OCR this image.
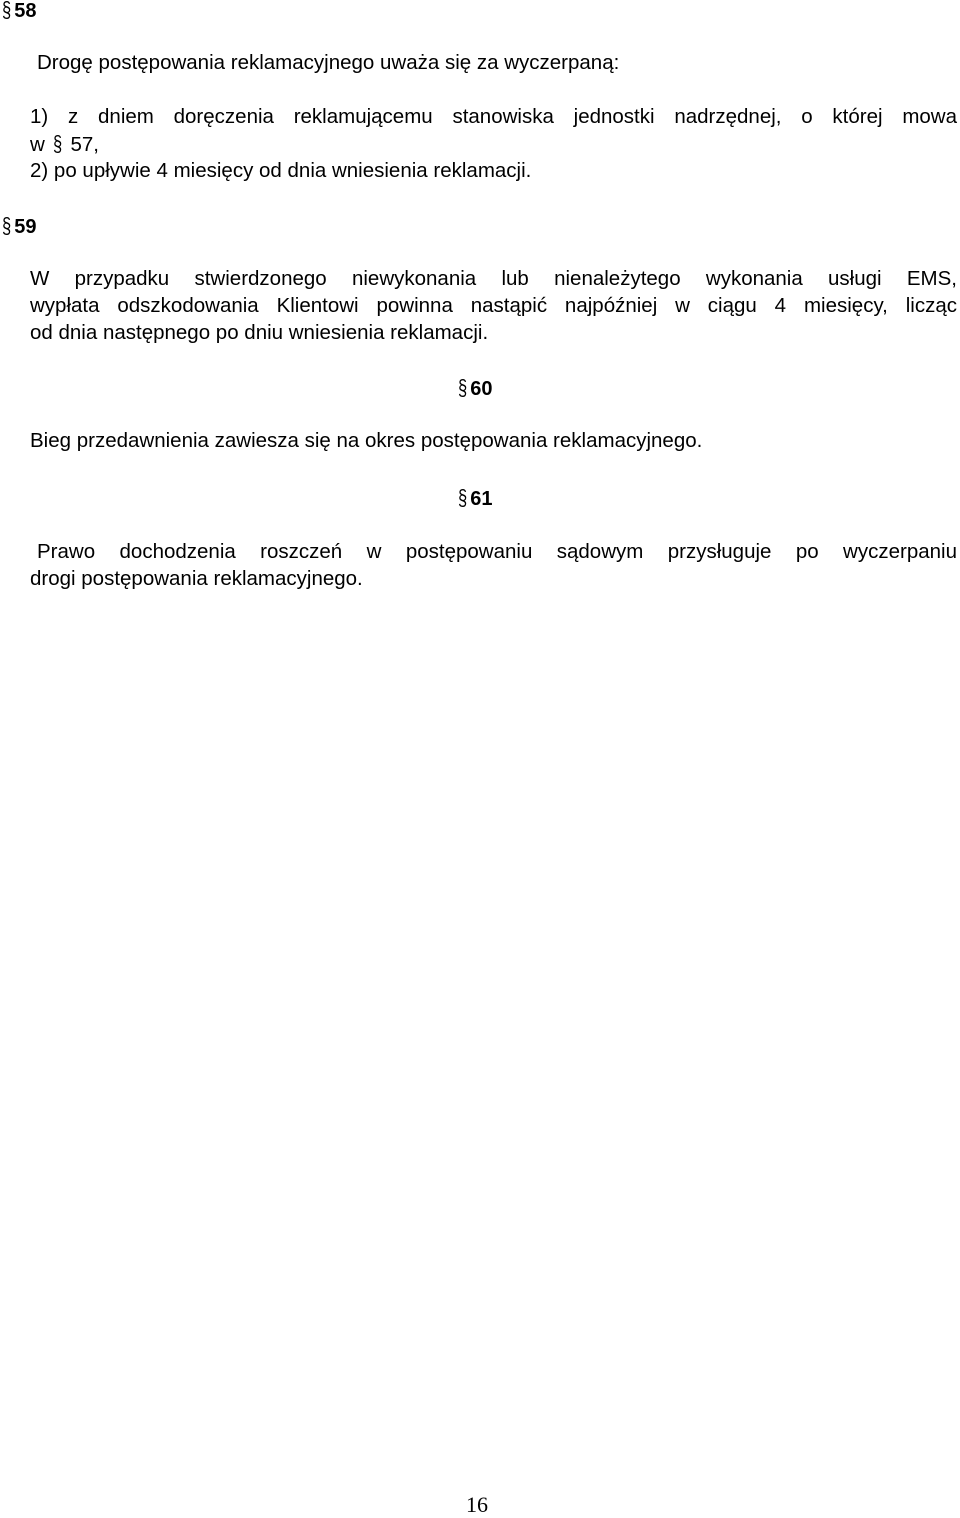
§ 58
Drogę postępowania reklamacyjnego uważa się za wyczerpaną:
1) z dniem doręczenia reklamującemu stanowiska jednostki nadrzędnej, o której mowa
w § 57,
2) po upływie 4 miesięcy od dnia wniesienia reklamacji.
§ 59
W przypadku stwierdzonego niewykonania lub nienależytego wykonania usługi EMS,
wypłata odszkodowania Klientowi powinna nastąpić najpóźniej w ciągu 4 miesięcy, licząc
od dnia następnego po dniu wniesienia reklamacji.
§ 60
Bieg przedawnienia zawiesza się na okres postępowania reklamacyjnego.
§ 61
Prawo dochodzenia roszczeń w postępowaniu sądowym przysługuje po wyczerpaniu
drogi postępowania reklamacyjnego.
16
